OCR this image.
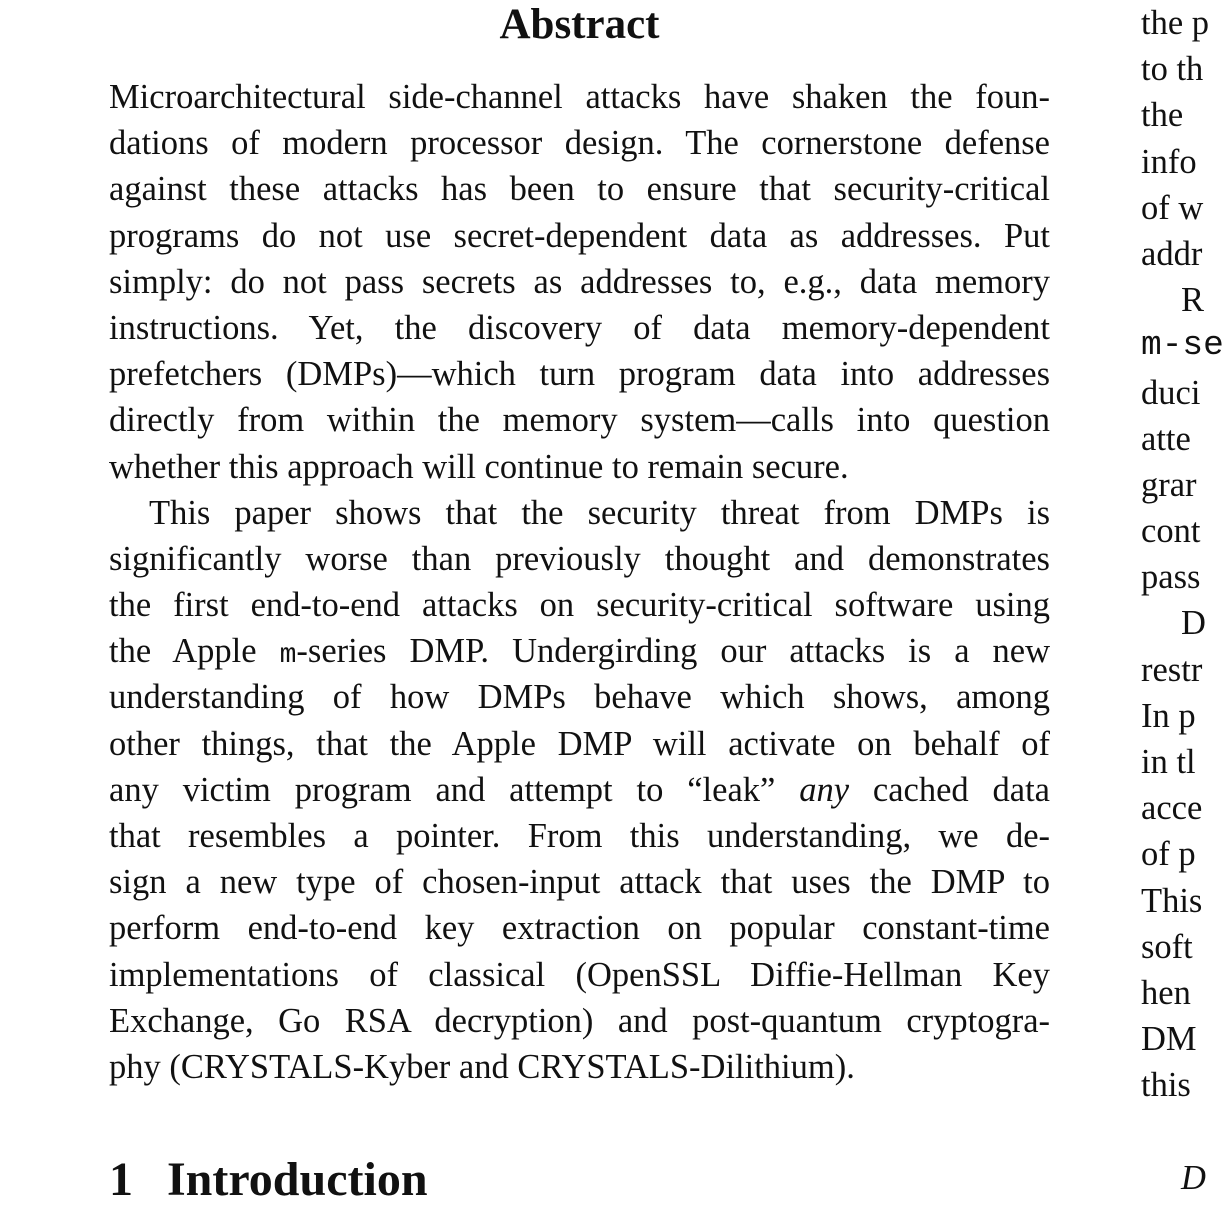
Abstract
Microarchitectural side-channel attacks have shaken the foun-
dations of modern processor design. The cornerstone defense
against these attacks has been to ensure that security-critical
programs do not use secret-dependent data as addresses. Put
simply: do not pass secrets as addresses to, e.g., data memory
instructions. Yet, the discovery of data memory-dependent
prefetchers (DMPs)—which turn program data into addresses
directly from within the memory system—calls into question
whether this approach will continue to remain secure.
This paper shows that the security threat from DMPs is
significantly worse than previously thought and demonstrates
the first end-to-end attacks on security-critical software using
the Apple m-series DMP. Undergirding our attacks is a new
understanding of how DMPs behave which shows, among
other things, that the Apple DMP will activate on behalf of
any victim program and attempt to “leak” any cached data
that resembles a pointer. From this understanding, we de-
sign a new type of chosen-input attack that uses the DMP to
perform end-to-end key extraction on popular constant-time
implementations of classical (OpenSSL Diffie-Hellman Key
Exchange, Go RSA decryption) and post-quantum cryptogra-
phy (CRYSTALS-Kyber and CRYSTALS-Dilithium).
1 Introduction
the p
to th
the
info
of w
addr
R
m-se
duci
atte
grar
cont
pass
D
restr
In p
in tl
acce
of p
This
soft
hen
DM
this
D
